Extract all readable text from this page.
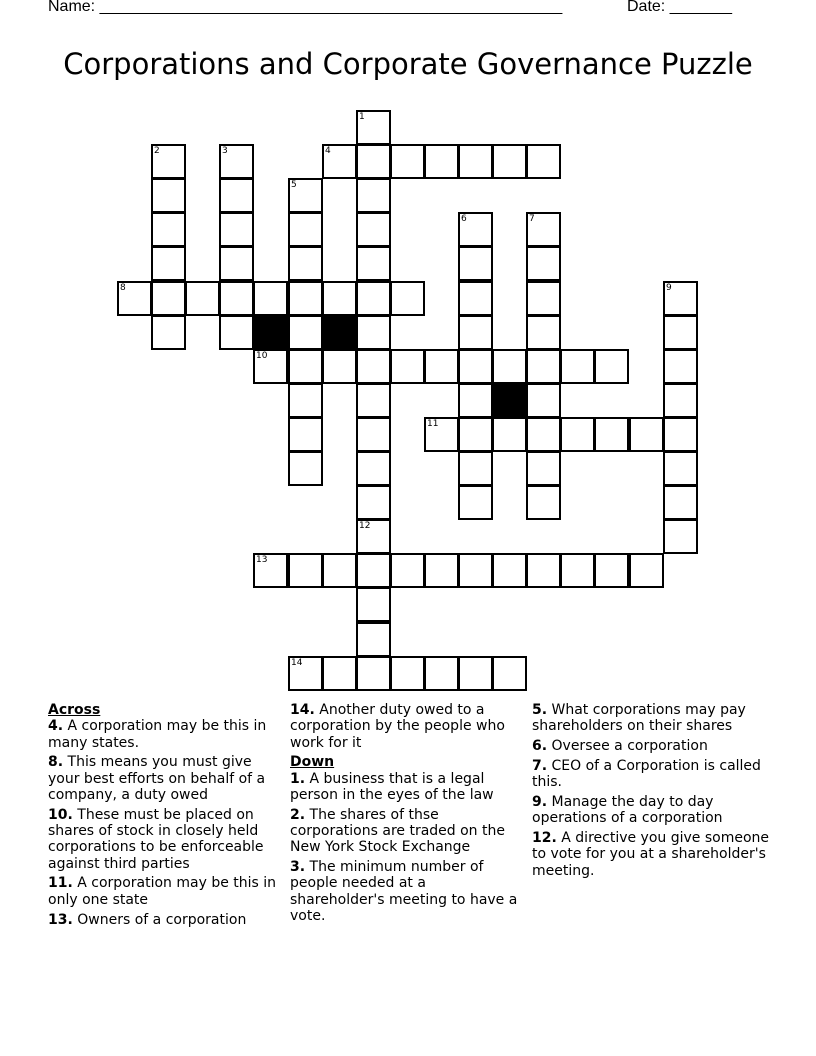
Name: ____________________________________________________	Date: _______
Corporations and Corporate Governance Puzzle
1
2	3	4
5
6	7
8	9
10
11
12
13
14

Across

4. A corporation may be this in many states.

8. This means you must give your best efforts on behalf of a company, a duty owed

10. These must be placed on shares of stock in closely held corporations to be enforceable against third parties

11. A corporation may be this in only one state

13. Owners of a corporation

14. Another duty owed to a corporation by the people who work for it

Down

1. A business that is a legal person in the eyes of the law

2. The shares of thse corporations are traded on the New York Stock Exchange

3. The minimum number of people needed at a shareholder's meeting to have a vote.

5. What corporations may pay shareholders on their shares

6. Oversee a corporation

7. CEO of a Corporation is called this.

9. Manage the day to day operations of a corporation

12. A directive you give someone to vote for you at a shareholder's meeting.
